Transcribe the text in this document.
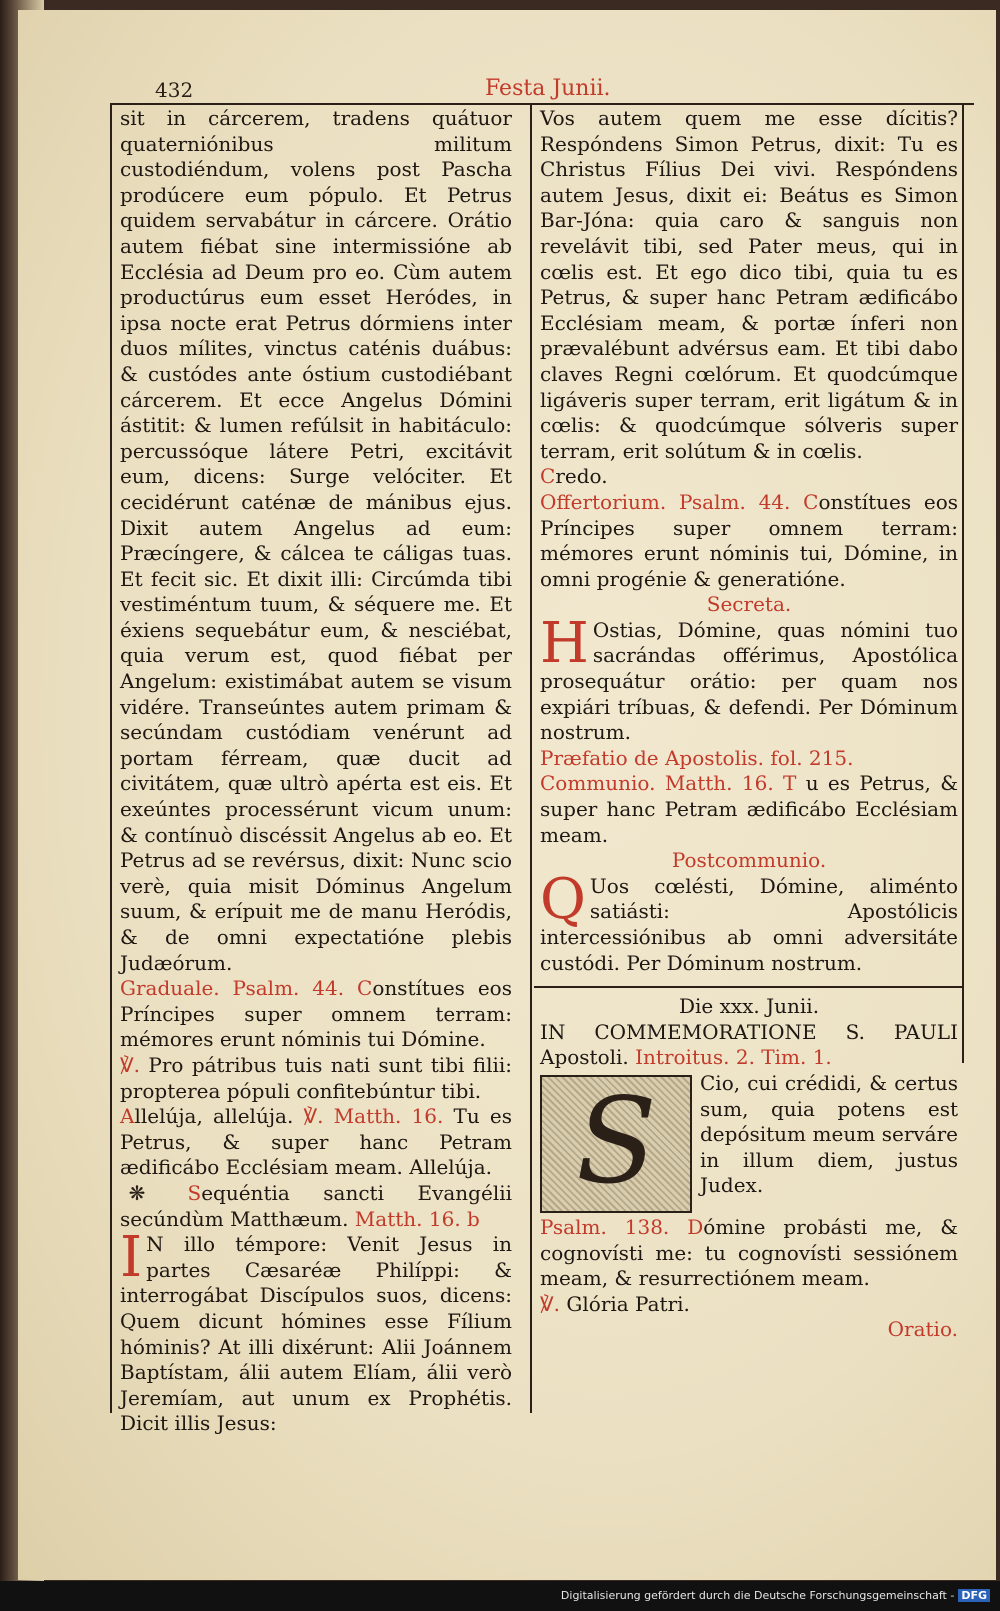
432	Festa Junii.

sit in cárcerem, tradens quátuor quaterniónibus militum custodiéndum, volens post Pascha prodúcere eum pópulo. Et Petrus quidem servabátur in cárcere. Orátio autem fiébat sine intermissióne ab Ecclésia ad Deum pro eo. Cùm autem productúrus eum esset Heródes, in ipsa nocte erat Petrus dórmiens inter duos mílites, vinctus caténis duábus: & custódes ante óstium custodiébant cárcerem. Et ecce Angelus Dómini ástitit: & lumen refúlsit in habitáculo: percussóque látere Petri, excitávit eum, dicens: Surge velóciter. Et cecidérunt caténæ de mánibus ejus. Dixit autem Angelus ad eum: Præcíngere, & cálcea te cáligas tuas. Et fecit sic. Et dixit illi: Circúmda tibi vestiméntum tuum, & séquere me. Et éxiens sequebátur eum, & nesciébat, quia verum est, quod fiébat per Angelum: existimábat autem se visum vidére. Transeúntes autem primam & secúndam custódiam venérunt ad portam férream, quæ ducit ad civitátem, quæ ultrò apérta est eis. Et exeúntes processérunt vicum unum: & contínuò discéssit Angelus ab eo. Et Petrus ad se revérsus, dixit: Nunc scio verè, quia misit Dóminus Angelum suum, & erípuit me de manu Heródis, & de omni expectatióne plebis Judæórum.

Graduale. Psalm. 44. Constítues eos Príncipes super omnem terram: mémores erunt nóminis tui Dómine.

℣. Pro pátribus tuis nati sunt tibi filii: propterea pópuli confitebúntur tibi.

Allelúja, allelúja. ℣. Matth. 16. Tu es Petrus, & super hanc Petram ædificábo Ecclésiam meam. Allelúja.

❋ Sequéntia sancti Evangélii secúndùm Matthæum. Matth. 16. b

I N illo témpore: Venit Jesus in partes Cæsaréæ Philíppi: & interrogábat Discípulos suos, dicens: Quem dicunt hómines esse Fílium hóminis? At illi dixérunt: Alii Joánnem Baptístam, álii autem Elíam, álii verò Jeremíam, aut unum ex Prophétis. Dicit illis Jesus:

Vos autem quem me esse dícitis? Respóndens Simon Petrus, dixit: Tu es Christus Fílius Dei vivi. Respóndens autem Jesus, dixit ei: Beátus es Simon Bar-Jóna: quia caro & sanguis non revelávit tibi, sed Pater meus, qui in cœlis est. Et ego dico tibi, quia tu es Petrus, & super hanc Petram ædificábo Ecclésiam meam, & portæ ínferi non prævalébunt advérsus eam. Et tibi dabo claves Regni cœlórum. Et quodcúmque ligáveris super terram, erit ligátum & in cœlis: & quodcúmque sólveris super terram, erit solútum & in cœlis.

Credo.

Offertorium. Psalm. 44. Constítues eos Príncipes super omnem terram: mémores erunt nóminis tui, Dómine, in omni progénie & generatióne.

Secreta.

H Ostias, Dómine, quas nómini tuo sacrándas offérimus, Apostólica prosequátur orátio: per quam nos expiári tríbuas, & defendi. Per Dóminum nostrum.

Præfatio de Apostolis. fol. 215.

Communio. Matth. 16. T u es Petrus, & super hanc Petram ædificábo Ecclésiam meam.

Postcommunio.

Q Uos cœlésti, Dómine, aliménto satiásti: Apostólicis intercessiónibus ab omni adversitáte custódi. Per Dóminum nostrum.

Die xxx. Junii.

IN COMMEMORATIONE S. PAULI Apostoli. Introitus. 2. Tim. 1.

S Cio, cui crédidi, & certus sum, quia potens est depósitum meum serváre in illum diem, justus Judex.

Psalm. 138. Dómine probásti me, & cognovísti me: tu cognovísti sessiónem meam, & resurrectiónem meam.

℣. Glória Patri.

Oratio.

Digitalisierung gefördert durch die Deutsche Forschungsgemeinschaft - DFG
